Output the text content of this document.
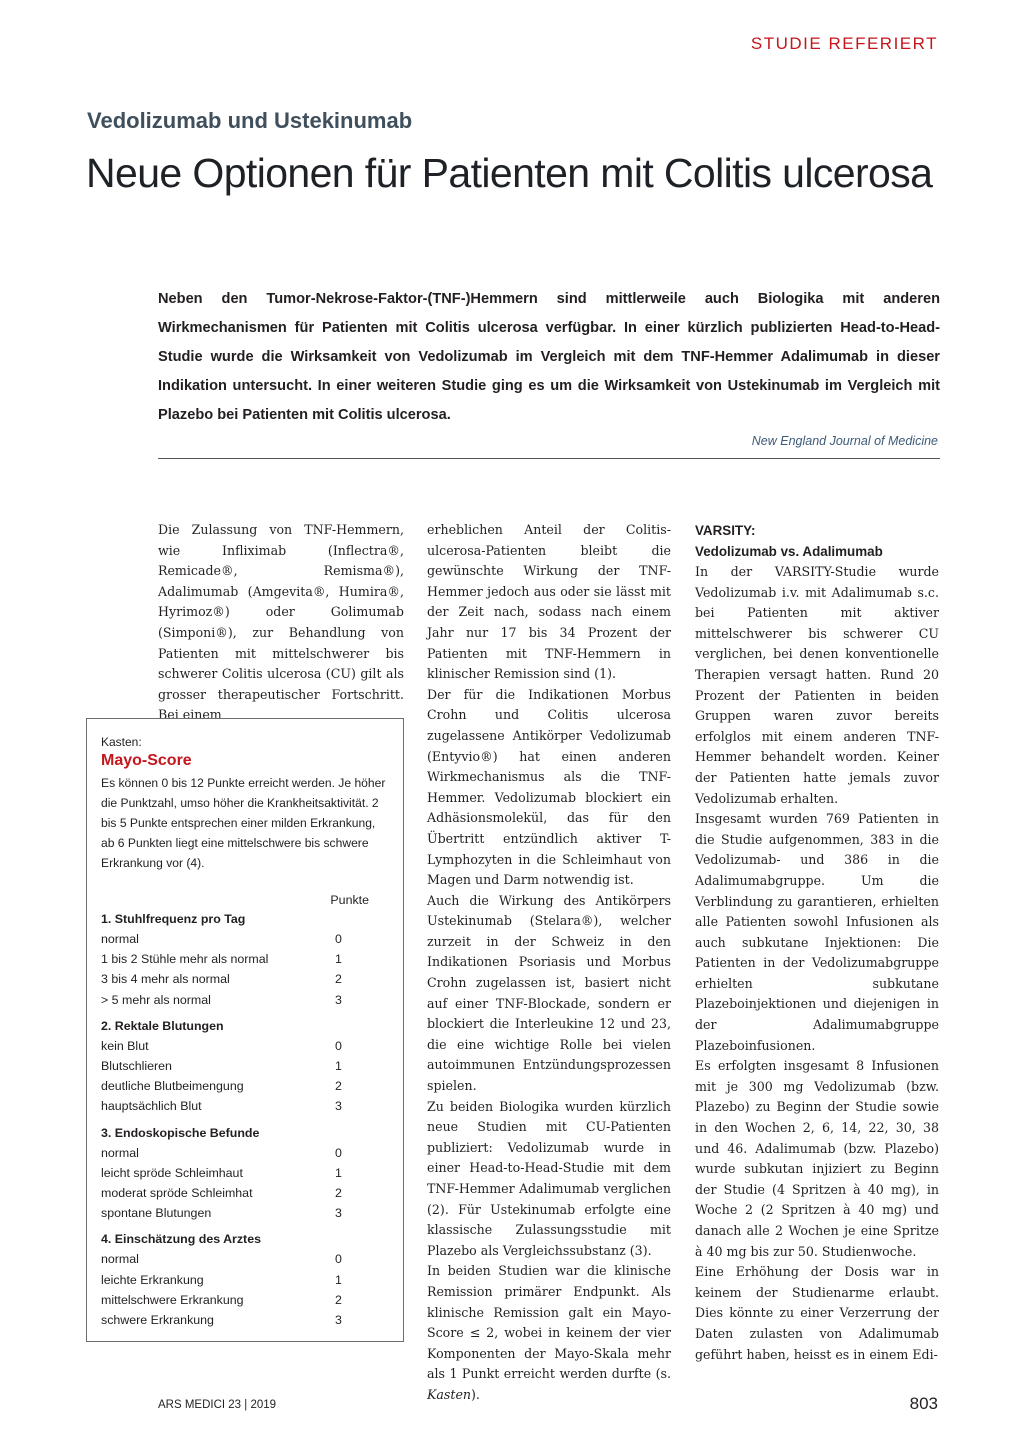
STUDIE REFERIERT
Vedolizumab und Ustekinumab
Neue Optionen für Patienten mit Colitis ulcerosa

Neben den Tumor-Nekrose-Faktor-(TNF-)Hemmern sind mittlerweile auch Biologika mit anderen Wirkmechanismen für Patienten mit Colitis ulcerosa verfügbar. In einer kürzlich publizierten Head-to-Head-Studie wurde die Wirksamkeit von Vedolizumab im Vergleich mit dem TNF-Hemmer Adalimumab in dieser Indikation untersucht. In einer weiteren Studie ging es um die Wirksamkeit von Ustekinumab im Vergleich mit Plazebo bei Patienten mit Colitis ulcerosa.

New England Journal of Medicine

Die Zulassung von TNF-Hemmern, wie Infliximab (Inflectra®, Remicade®, Remisma®), Adalimumab (Amgevita®, Humira®, Hyrimoz®) oder Golimumab (Simponi®), zur Behandlung von Patienten mit mittelschwerer bis schwerer Colitis ulcerosa (CU) gilt als grosser therapeutischer Fortschritt. Bei einem

Kasten:
Mayo-Score
Es können 0 bis 12 Punkte erreicht werden. Je höher die Punktzahl, umso höher die Krankheitsaktivität. 2 bis 5 Punkte entsprechen einer milden Erkrankung, ab 6 Punkten liegt eine mittelschwere bis schwere Erkrankung vor (4).
Punkte
1. Stuhlfrequenz pro Tag
normal	0
1 bis 2 Stühle mehr als normal	1
3 bis 4 mehr als normal	2
> 5 mehr als normal	3
2. Rektale Blutungen
kein Blut	0
Blutschlieren	1
deutliche Blutbeimengung	2
hauptsächlich Blut	3
3. Endoskopische Befunde
normal	0
leicht spröde Schleimhaut	1
moderat spröde Schleimhat	2
spontane Blutungen	3
4. Einschätzung des Arztes
normal	0
leichte Erkrankung	1
mittelschwere Erkrankung	2
schwere Erkrankung	3

erheblichen Anteil der Colitis-ulcerosa-Patienten bleibt die gewünschte Wirkung der TNF-Hemmer jedoch aus oder sie lässt mit der Zeit nach, sodass nach einem Jahr nur 17 bis 34 Prozent der Patienten mit TNF-Hemmern in klinischer Remission sind (1).

Der für die Indikationen Morbus Crohn und Colitis ulcerosa zugelassene Antikörper Vedolizumab (Entyvio®) hat einen anderen Wirkmechanismus als die TNF-Hemmer. Vedolizumab blockiert ein Adhäsionsmolekül, das für den Übertritt entzündlich aktiver T-Lymphozyten in die Schleimhaut von Magen und Darm notwendig ist.

Auch die Wirkung des Antikörpers Ustekinumab (Stelara®), welcher zurzeit in der Schweiz in den Indikationen Psoriasis und Morbus Crohn zugelassen ist, basiert nicht auf einer TNF-Blockade, sondern er blockiert die Interleukine 12 und 23, die eine wichtige Rolle bei vielen autoimmunen Entzündungsprozessen spielen.

Zu beiden Biologika wurden kürzlich neue Studien mit CU-Patienten publiziert: Vedolizumab wurde in einer Head-to-Head-Studie mit dem TNF-Hemmer Adalimumab verglichen (2). Für Ustekinumab erfolgte eine klassische Zulassungsstudie mit Plazebo als Vergleichssubstanz (3).

In beiden Studien war die klinische Remission primärer Endpunkt. Als klinische Remission galt ein Mayo-Score ≤ 2, wobei in keinem der vier Komponenten der Mayo-Skala mehr als 1 Punkt erreicht werden durfte (s. Kasten).

VARSITY:
Vedolizumab vs. Adalimumab

In der VARSITY-Studie wurde Vedolizumab i.v. mit Adalimumab s.c. bei Patienten mit aktiver mittelschwerer bis schwerer CU verglichen, bei denen konventionelle Therapien versagt hatten. Rund 20 Prozent der Patienten in beiden Gruppen waren zuvor bereits erfolglos mit einem anderen TNF-Hemmer behandelt worden. Keiner der Patienten hatte jemals zuvor Vedolizumab erhalten.

Insgesamt wurden 769 Patienten in die Studie aufgenommen, 383 in die Vedolizumab- und 386 in die Adalimumabgruppe. Um die Verblindung zu garantieren, erhielten alle Patienten sowohl Infusionen als auch subkutane Injektionen: Die Patienten in der Vedolizumabgruppe erhielten subkutane Plazeboinjektionen und diejenigen in der Adalimumabgruppe Plazeboinfusionen.

Es erfolgten insgesamt 8 Infusionen mit je 300 mg Vedolizumab (bzw. Plazebo) zu Beginn der Studie sowie in den Wochen 2, 6, 14, 22, 30, 38 und 46. Adalimumab (bzw. Plazebo) wurde subkutan injiziert zu Beginn der Studie (4 Spritzen à 40 mg), in Woche 2 (2 Spritzen à 40 mg) und danach alle 2 Wochen je eine Spritze à 40 mg bis zur 50. Studienwoche.

Eine Erhöhung der Dosis war in keinem der Studienarme erlaubt. Dies könnte zu einer Verzerrung der Daten zulasten von Adalimumab geführt haben, heisst es in einem Edi-

ARS MEDICI 23 | 2019	803
